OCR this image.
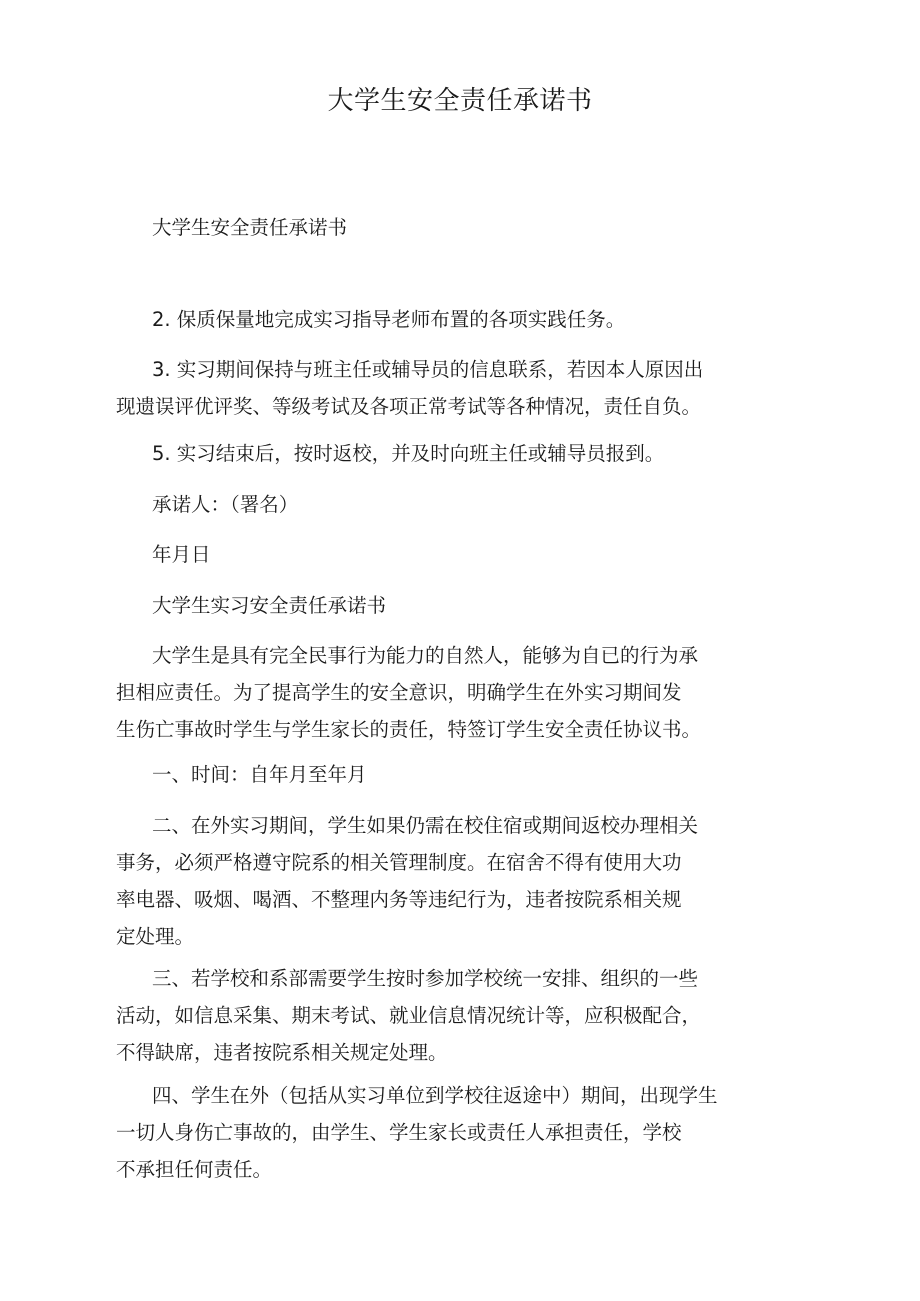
大学生安全责任承诺书

大学生安全责任承诺书

2. 保质保量地完成实习指导老师布置的各项实践任务。

3. 实习期间保持与班主任或辅导员的信息联系，若因本人原因出
现遗误评优评奖、等级考试及各项正常考试等各种情况，责任自负。

5. 实习结束后，按时返校，并及时向班主任或辅导员报到。

承诺人：（署名）

年月日

大学生实习安全责任承诺书

大学生是具有完全民事行为能力的自然人，能够为自已的行为承
担相应责任。为了提高学生的安全意识，明确学生在外实习期间发
生伤亡事故时学生与学生家长的责任，特签订学生安全责任协议书。

一、时间：自年月至年月

二、在外实习期间，学生如果仍需在校住宿或期间返校办理相关
事务，必须严格遵守院系的相关管理制度。在宿舍不得有使用大功
率电器、吸烟、喝酒、不整理内务等违纪行为，违者按院系相关规
定处理。

三、若学校和系部需要学生按时参加学校统一安排、组织的一些
活动，如信息采集、期末考试、就业信息情况统计等，应积极配合，
不得缺席，违者按院系相关规定处理。

四、学生在外（包括从实习单位到学校往返途中）期间，出现学生
一切人身伤亡事故的，由学生、学生家长或责任人承担责任，学校
不承担任何责任。
